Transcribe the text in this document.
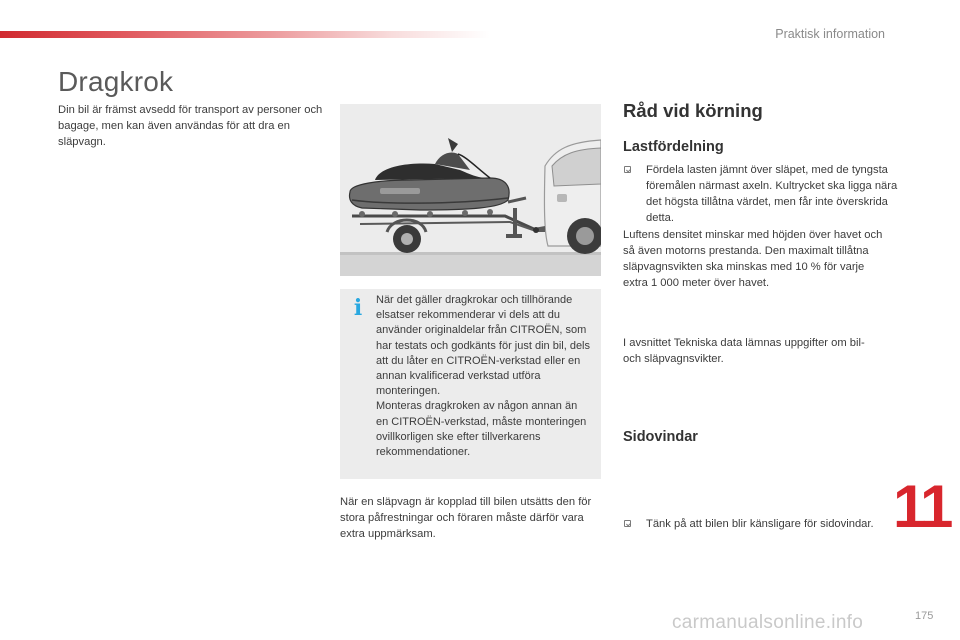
Praktisk information
Dragkrok
Din bil är främst avsedd för transport av personer och bagage, men kan även användas för att dra en släpvagn.
i När det gäller dragkrokar och tillhörande elsatser rekommenderar vi dels att du använder originaldelar från CITROËN, som har testats och godkänts för just din bil, dels att du låter en CITROËN-verkstad eller en annan kvalificerad verkstad utföra monteringen.
Monteras dragkroken av någon annan än en CITROËN-verkstad, måste monteringen ovillkorligen ske efter tillverkarens rekommendationer.
När en släpvagn är kopplad till bilen utsätts den för stora påfrestningar och föraren måste därför vara extra uppmärksam.
Råd vid körning
Lastfördelning
Fördela lasten jämnt över släpet, med de tyngsta föremålen närmast axeln. Kultrycket ska ligga nära det högsta tillåtna värdet, men får inte överskrida detta.
Luftens densitet minskar med höjden över havet och så även motorns prestanda. Den maximalt tillåtna släpvagnsvikten ska minskas med 10 % för varje extra 1 000 meter över havet.
I avsnittet Tekniska data lämnas uppgifter om bil- och släpvagnsvikter.
Sidovindar
Tänk på att bilen blir känsligare för sidovindar. 11
175
carmanualsonline.info
